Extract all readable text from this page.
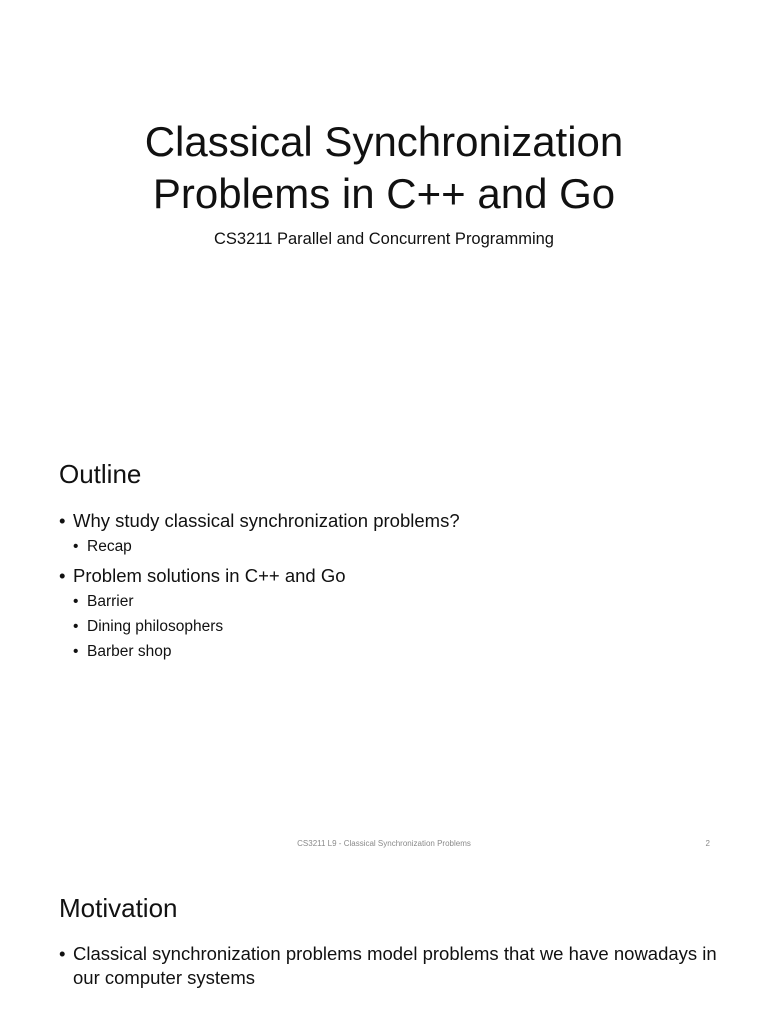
Classical Synchronization
Problems in C++ and Go
CS3211 Parallel and Concurrent Programming
Outline
• Why study classical synchronization problems?
• Recap
• Problem solutions in C++ and Go
• Barrier
• Dining philosophers
• Barber shop
CS3211 L9 - Classical Synchronization Problems	2
Motivation
• Classical synchronization problems model problems that we have nowadays in our computer systems
